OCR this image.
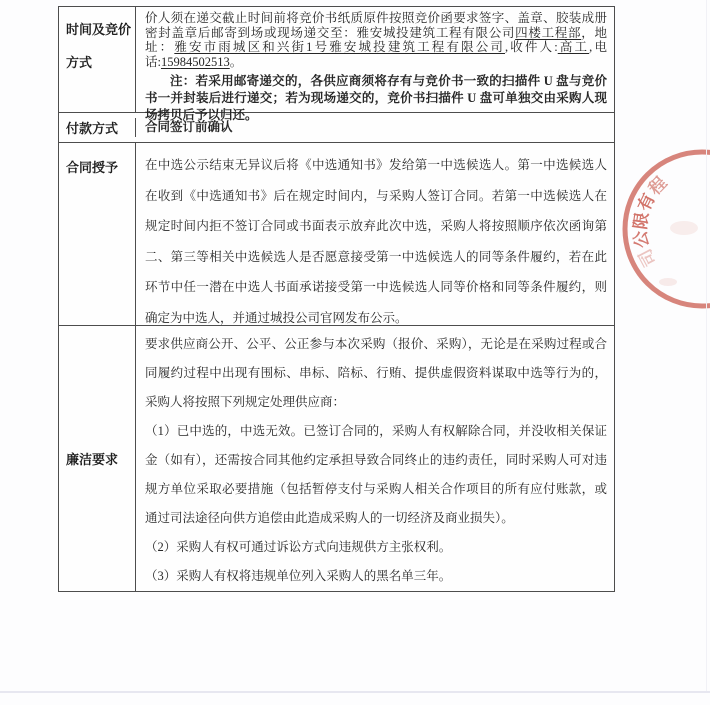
时间及竞价
方式

价人须在递交截止时间前将竞价书纸质原件按照竞价函要求签字、盖章、胶装成册密封盖章后邮寄到场或现场递交至：雅安城投建筑工程有限公司四楼工程部，地址：雅安市雨城区和兴街1号雅安城投建筑工程有限公司,收件人:高工,电话:15984502513。

注：若采用邮寄递交的，各供应商须将存有与竞价书一致的扫描件 U 盘与竞价书一并封装后进行递交；若为现场递交的，竞价书扫描件 U 盘可单独交由采购人现场拷贝后予以归还。

付款方式	合同签订前确认

合同授予	在中选公示结束无异议后将《中选通知书》发给第一中选候选人。第一中选候选人在收到《中选通知书》后在规定时间内，与采购人签订合同。若第一中选候选人在规定时间内拒不签订合同或书面表示放弃此次中选，采购人将按照顺序依次函询第二、第三等相关中选候选人是否愿意接受第一中选候选人的同等条件履约，若在此环节中任一潜在中选人书面承诺接受第一中选候选人同等价格和同等条件履约，则确定为中选人，并通过城投公司官网发布公示。

廉洁要求

要求供应商公开、公平、公正参与本次采购（报价、采购），无论是在采购过程或合同履约过程中出现有围标、串标、陪标、行贿、提供虚假资料谋取中选等行为的，采购人将按照下列规定处理供应商：

（1）已中选的，中选无效。已签订合同的，采购人有权解除合同，并没收相关保证金（如有），还需按合同其他约定承担导致合同终止的违约责任，同时采购人可对违规方单位采取必要措施（包括暂停支付与采购人相关合作项目的所有应付账款，或通过司法途径向供方追偿由此造成采购人的一切经济及商业损失）。

（2）采购人有权可通过诉讼方式向违规供方主张权利。

（3）采购人有权将违规单位列入采购人的黑名单三年。

程
有
限
公
司
